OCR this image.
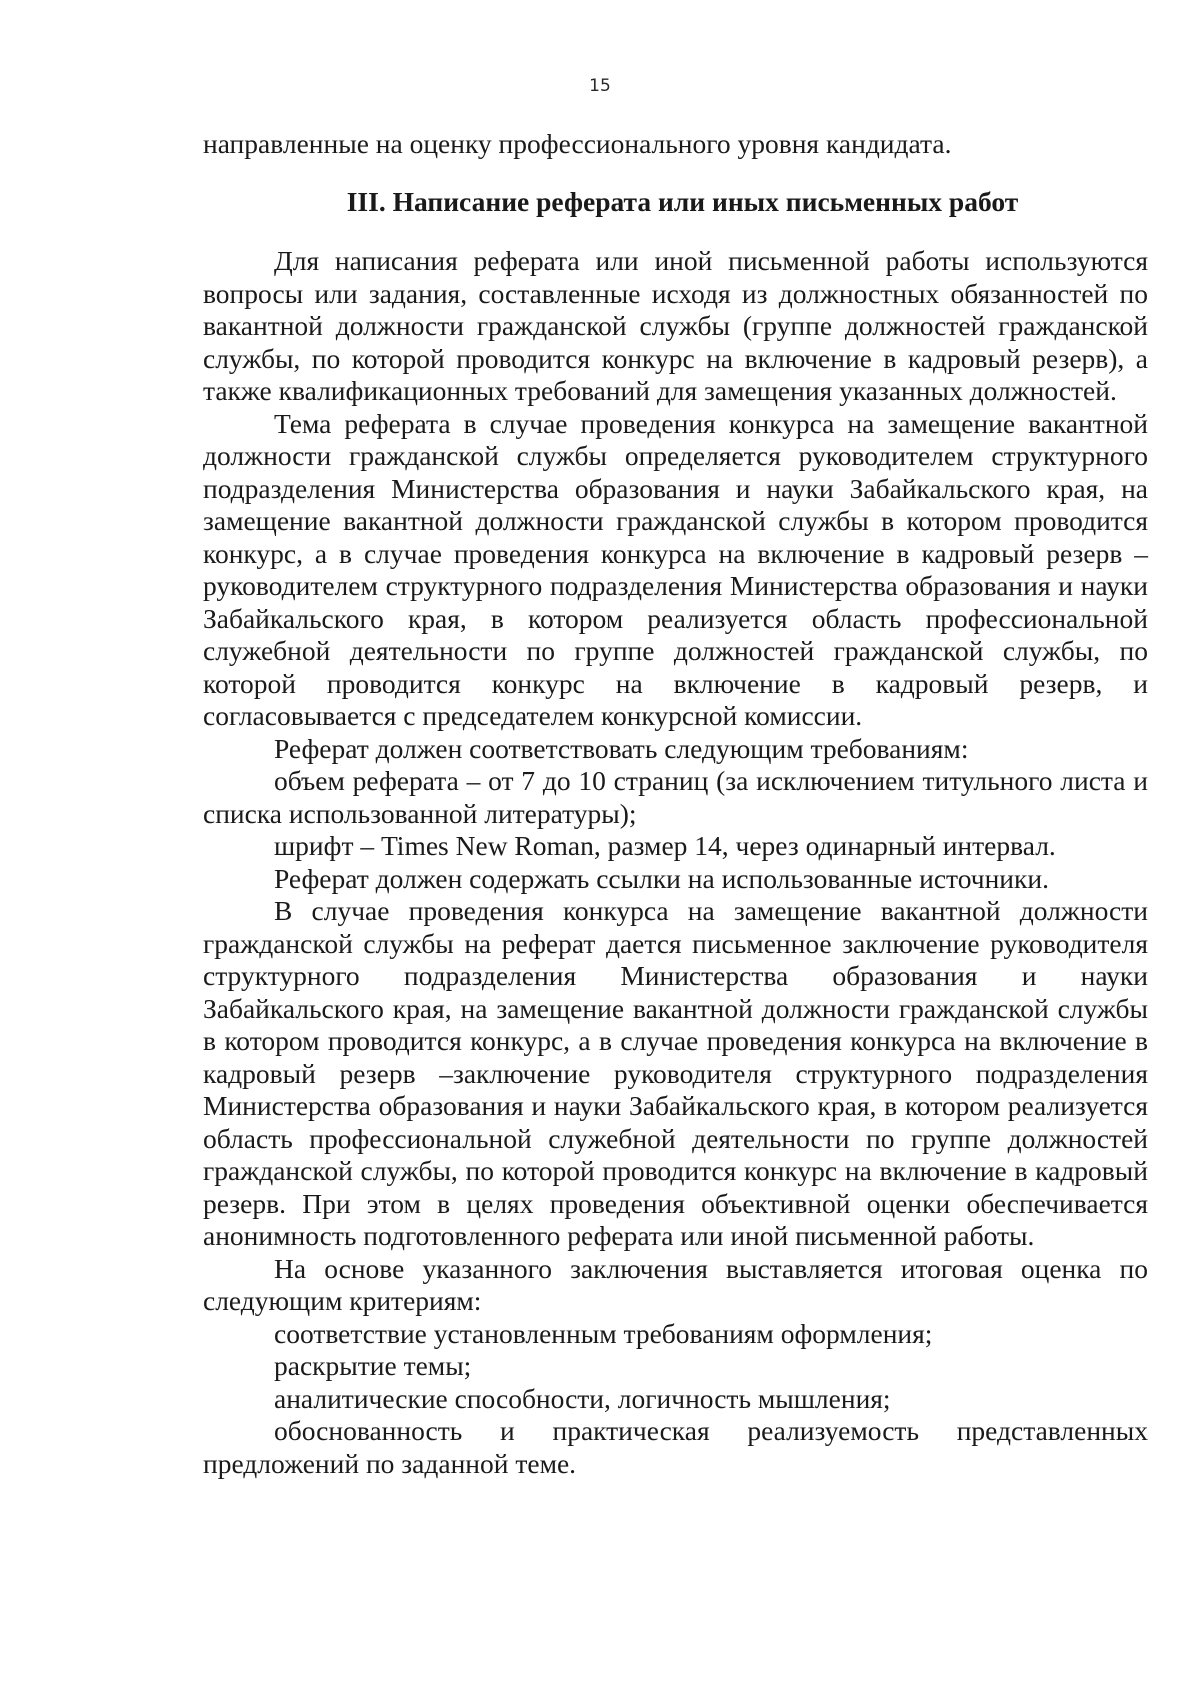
15

направленные на оценку профессионального уровня кандидата.

III. Написание реферата или иных письменных работ

Для написания реферата или иной письменной работы используются вопросы или задания, составленные исходя из должностных обязанностей по вакантной должности гражданской службы (группе должностей гражданской службы, по которой проводится конкурс на включение в кадровый резерв), а также квалификационных требований для замещения указанных должностей.

Тема реферата в случае проведения конкурса на замещение вакантной должности гражданской службы определяется руководителем структурного подразделения Министерства образования и науки Забайкальского края, на замещение вакантной должности гражданской службы в котором проводится конкурс, а в случае проведения конкурса на включение в кадровый резерв – руководителем структурного подразделения Министерства образования и науки Забайкальского края, в котором реализуется область профессиональной служебной деятельности по группе должностей гражданской службы, по которой проводится конкурс на включение в кадровый резерв, и согласовывается с председателем конкурсной комиссии.

Реферат должен соответствовать следующим требованиям:

объем реферата – от 7 до 10 страниц (за исключением титульного листа и списка использованной литературы);

шрифт – Times New Roman, размер 14, через одинарный интервал.

Реферат должен содержать ссылки на использованные источники.

В случае проведения конкурса на замещение вакантной должности гражданской службы на реферат дается письменное заключение руководителя структурного подразделения Министерства образования и науки Забайкальского края, на замещение вакантной должности гражданской службы в котором проводится конкурс, а в случае проведения конкурса на включение в кадровый резерв –заключение руководителя структурного подразделения Министерства образования и науки Забайкальского края, в котором реализуется область профессиональной служебной деятельности по группе должностей гражданской службы, по которой проводится конкурс на включение в кадровый резерв. При этом в целях проведения объективной оценки обеспечивается анонимность подготовленного реферата или иной письменной работы.

На основе указанного заключения выставляется итоговая оценка по следующим критериям:

соответствие установленным требованиям оформления;

раскрытие темы;

аналитические способности, логичность мышления;

обоснованность и практическая реализуемость представленных предложений по заданной теме.
